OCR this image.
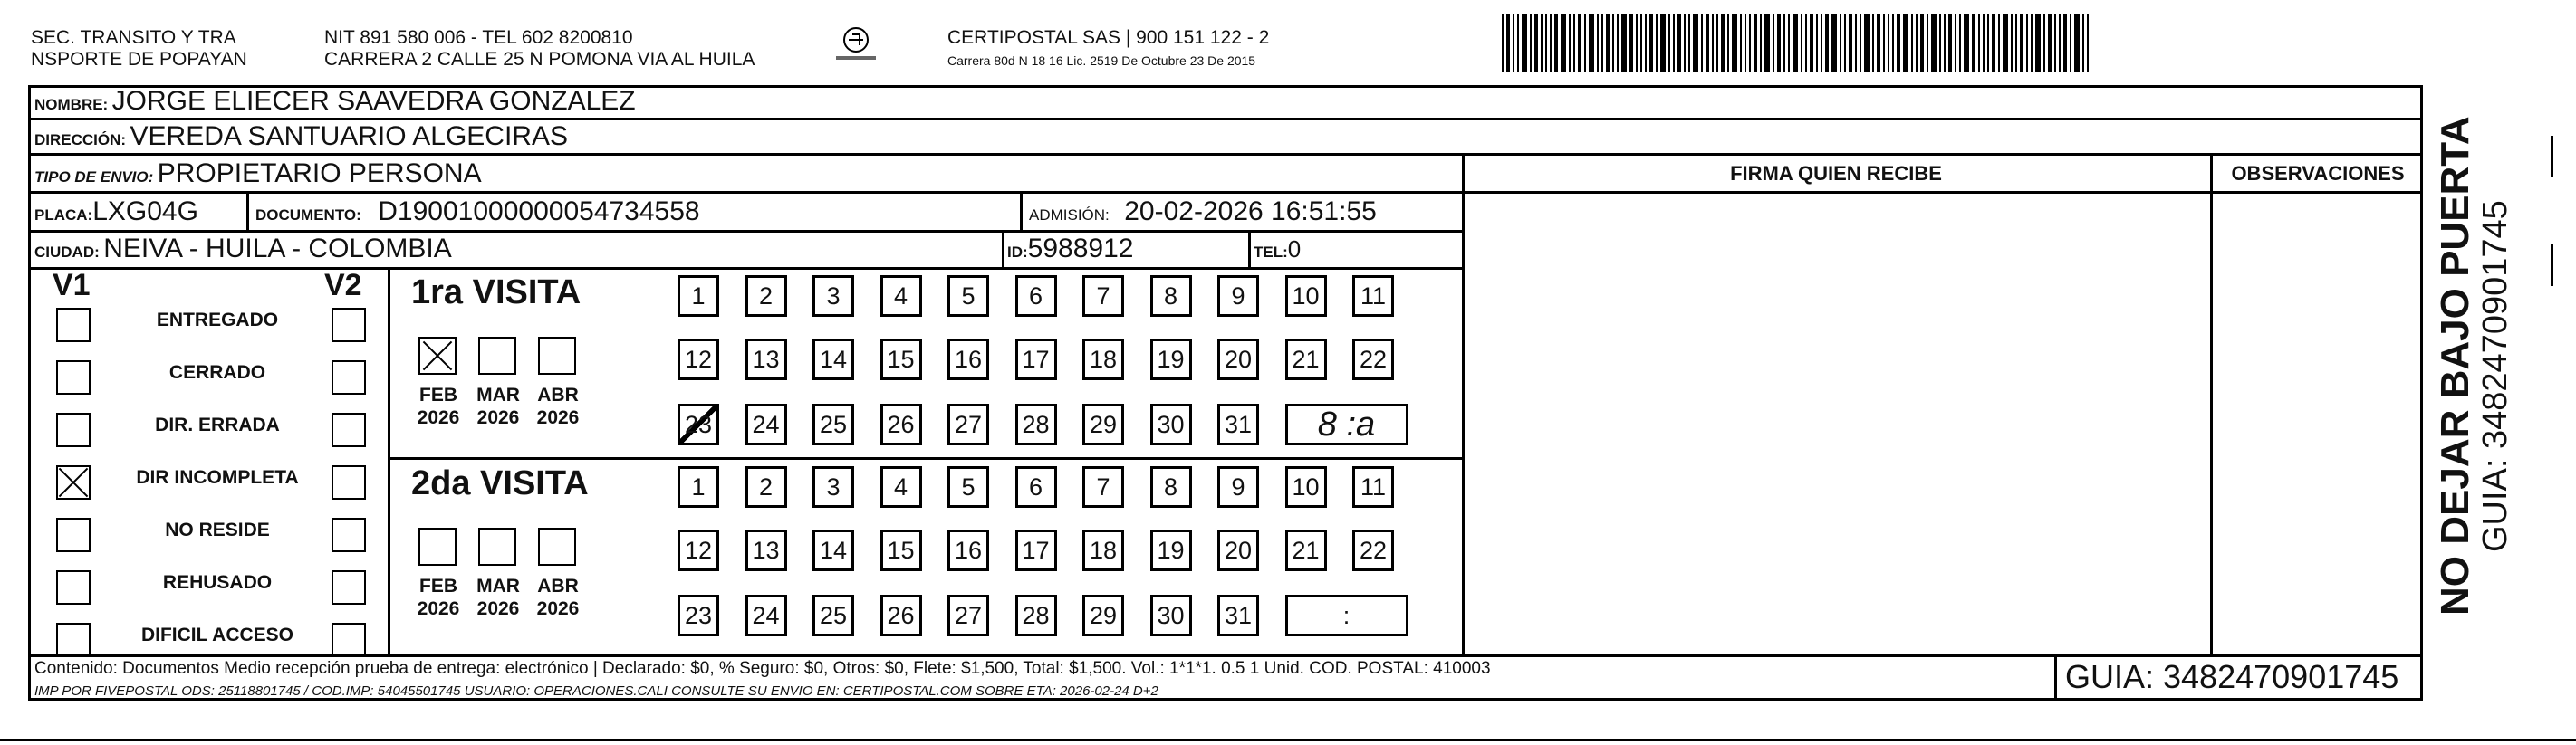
SEC. TRANSITO Y TRA
NSPORTE DE POPAYAN
NIT 891 580 006 - TEL 602 8200810
CARRERA 2 CALLE 25 N POMONA VIA AL HUILA
CERTIPOSTAL SAS | 900 151 122 - 2
Carrera 80d N 18 16 Lic. 2519 De Octubre 23 De 2015
NOMBRE: JORGE ELIECER SAAVEDRA GONZALEZ
DIRECCIÓN: VEREDA SANTUARIO ALGECIRAS
TIPO DE ENVIO: PROPIETARIO PERSONA
PLACA:LXG04G	DOCUMENTO: D19001000000054734558	ADMISIÓN: 20-02-2026 16:51:55
CIUDAD: NEIVA - HUILA - COLOMBIA	ID:5988912	TEL:0
FIRMA QUIEN RECIBE	OBSERVACIONES
V1	V2
ENTREGADO
CERRADO
DIR. ERRADA
DIR INCOMPLETA
NO RESIDE
REHUSADO
DIFICIL ACCESO
1ra VISITA
FEB
2026
MAR
2026
ABR
2026
1	2	3	4	5	6	7	8	9	10	11
12 13 14 15 16 17 18 19 20 21 22
23 24 25 26 27 28 29 30 31	8 :a
2da VISITA
FEB
2026
MAR
2026
ABR
2026
1	2	3	4	5	6	7	8	9	10	11
12 13 14 15 16 17 18 19 20 21 22
23 24 25 26 27 28 29 30 31	:
Contenido: Documentos Medio recepción prueba de entrega: electrónico | Declarado: $0, % Seguro: $0, Otros: $0, Flete: $1,500, Total: $1,500. Vol.: 1*1*1. 0.5 1 Unid. COD. POSTAL: 410003
IMP POR FIVEPOSTAL ODS: 25118801745 / COD.IMP: 54045501745 USUARIO: OPERACIONES.CALI CONSULTE SU ENVIO EN: CERTIPOSTAL.COM SOBRE ETA: 2026-02-24 D+2	GUIA: 3482470901745
NO DEJAR BAJO PUERTA GUIA: 3482470901745
